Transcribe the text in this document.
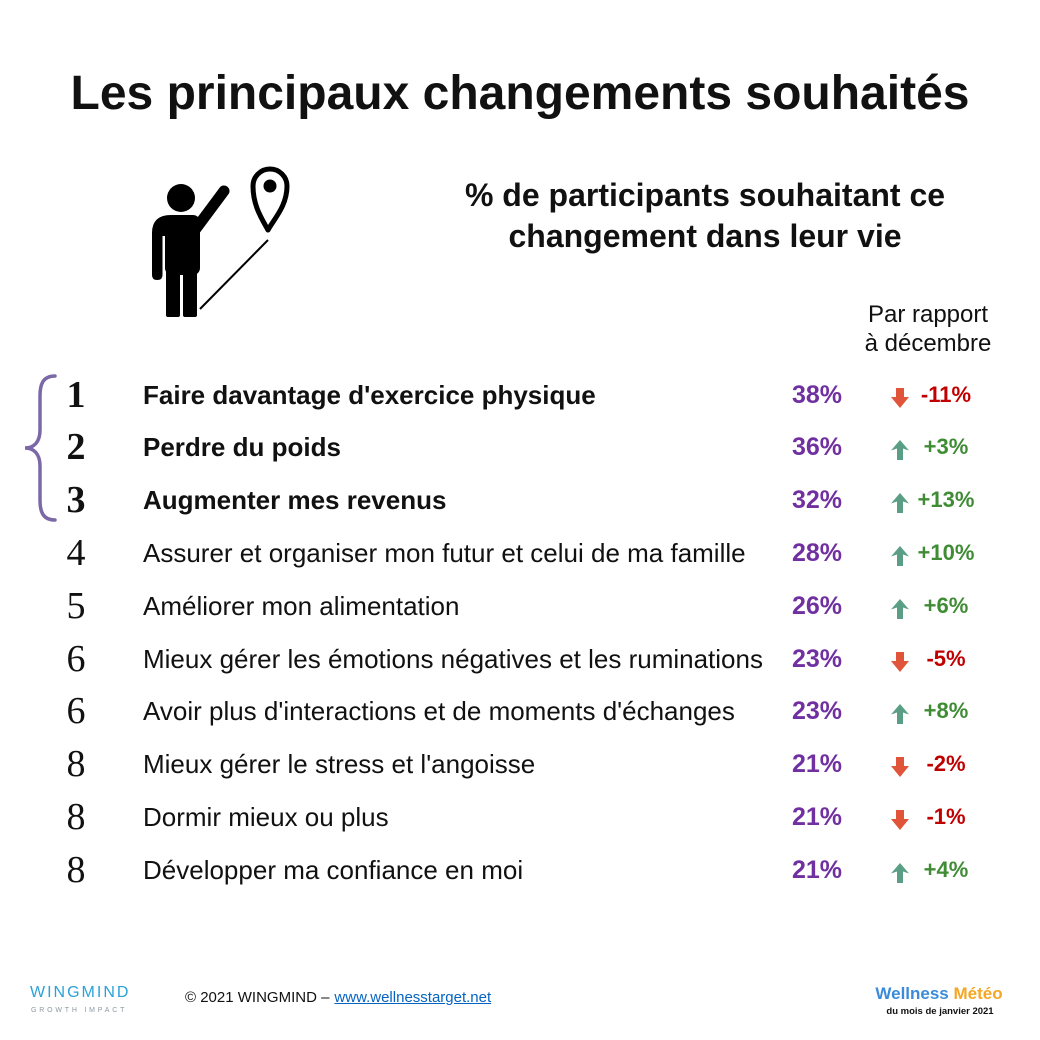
Les principaux changements souhaités
% de participants souhaitant ce
changement dans leur vie
Par rapport
à décembre
1	Faire davantage d'exercice physique	38%	-11%
2	Perdre du poids	36%	+3%
3	Augmenter mes revenus	32%	+13%
4	Assurer et organiser mon futur et celui de ma famille 28%	+10%
5	Améliorer mon alimentation	26%	+6%
6	Mieux gérer les émotions négatives et les ruminations 23%	-5%
6	Avoir plus d'interactions et de moments d'échanges 23%	+8%
8	Mieux gérer le stress et l'angoisse	21%	-2%
8	Dormir mieux ou plus	21%	-1%
8	Développer ma confiance en moi	21%	+4%
WINGMIND
GROWTH IMPACT
© 2021 WINGMIND – www.wellnesstarget.net	Wellness Météo
du mois de janvier 2021
